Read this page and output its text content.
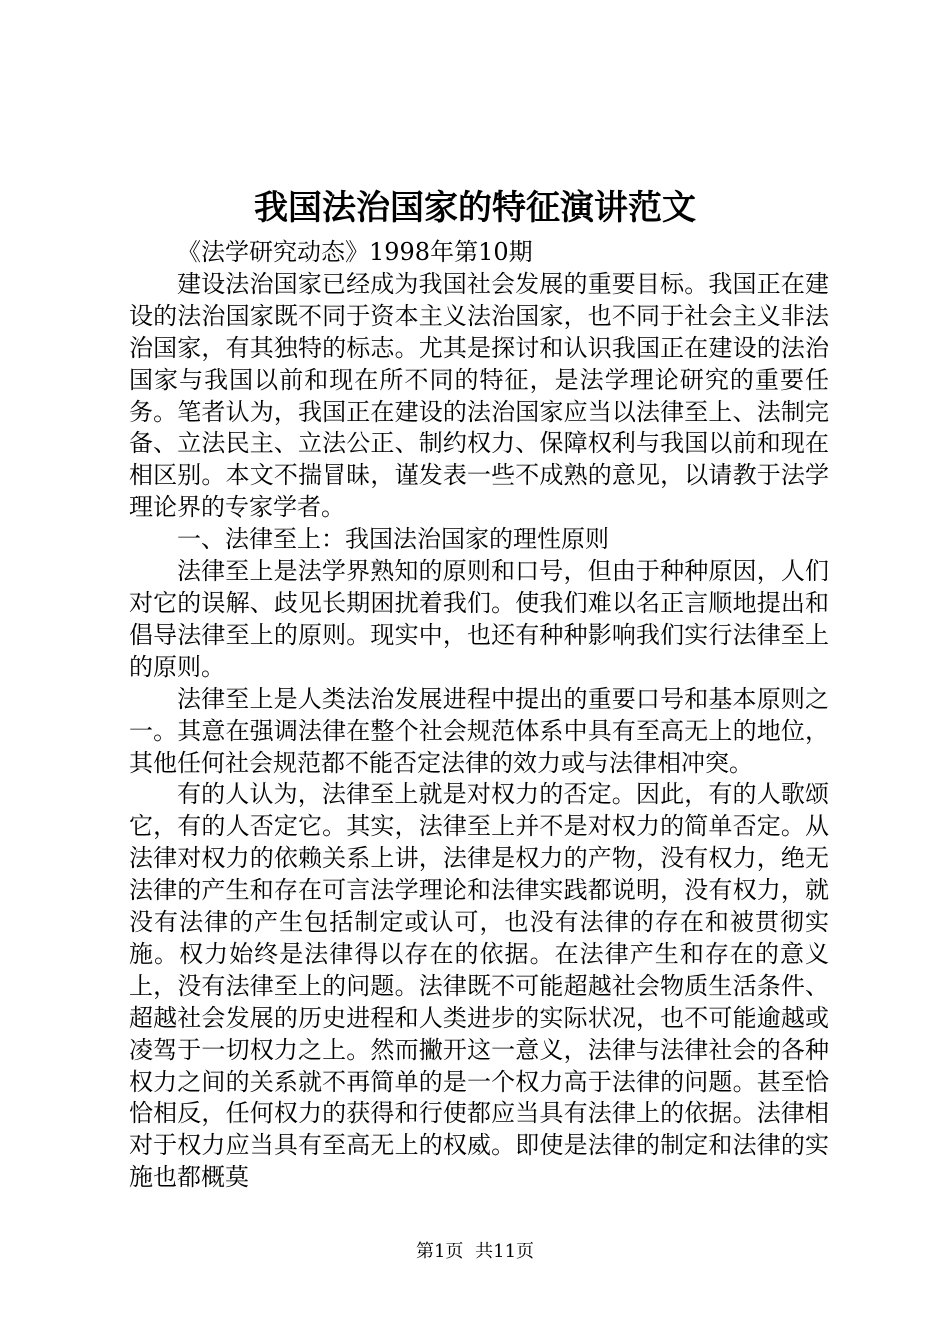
我国法治国家的特征演讲范文

《法学研究动态》1998年第10期

建设法治国家已经成为我国社会发展的重要目标。我国正在建设的法治国家既不同于资本主义法治国家，也不同于社会主义非法治国家，有其独特的标志。尤其是探讨和认识我国正在建设的法治国家与我国以前和现在所不同的特征，是法学理论研究的重要任务。笔者认为，我国正在建设的法治国家应当以法律至上、法制完备、立法民主、立法公正、制约权力、保障权利与我国以前和现在相区别。本文不揣冒昧，谨发表一些不成熟的意见，以请教于法学理论界的专家学者。

一、法律至上：我国法治国家的理性原则

法律至上是法学界熟知的原则和口号，但由于种种原因，人们对它的误解、歧见长期困扰着我们。使我们难以名正言顺地提出和倡导法律至上的原则。现实中，也还有种种影响我们实行法律至上的原则。

法律至上是人类法治发展进程中提出的重要口号和基本原则之一。其意在强调法律在整个社会规范体系中具有至高无上的地位，其他任何社会规范都不能否定法律的效力或与法律相冲突。

有的人认为，法律至上就是对权力的否定。因此，有的人歌颂它，有的人否定它。其实，法律至上并不是对权力的简单否定。从法律对权力的依赖关系上讲，法律是权力的产物，没有权力，绝无法律的产生和存在可言法学理论和法律实践都说明，没有权力，就没有法律的产生包括制定或认可，也没有法律的存在和被贯彻实施。权力始终是法律得以存在的依据。在法律产生和存在的意义上，没有法律至上的问题。法律既不可能超越社会物质生活条件、超越社会发展的历史进程和人类进步的实际状况，也不可能逾越或凌驾于一切权力之上。然而撇开这一意义，法律与法律社会的各种权力之间的关系就不再简单的是一个权力高于法律的问题。甚至恰恰相反，任何权力的获得和行使都应当具有法律上的依据。法律相对于权力应当具有至高无上的权威。即使是法律的制定和法律的实施也都概莫

第1页 共11页
